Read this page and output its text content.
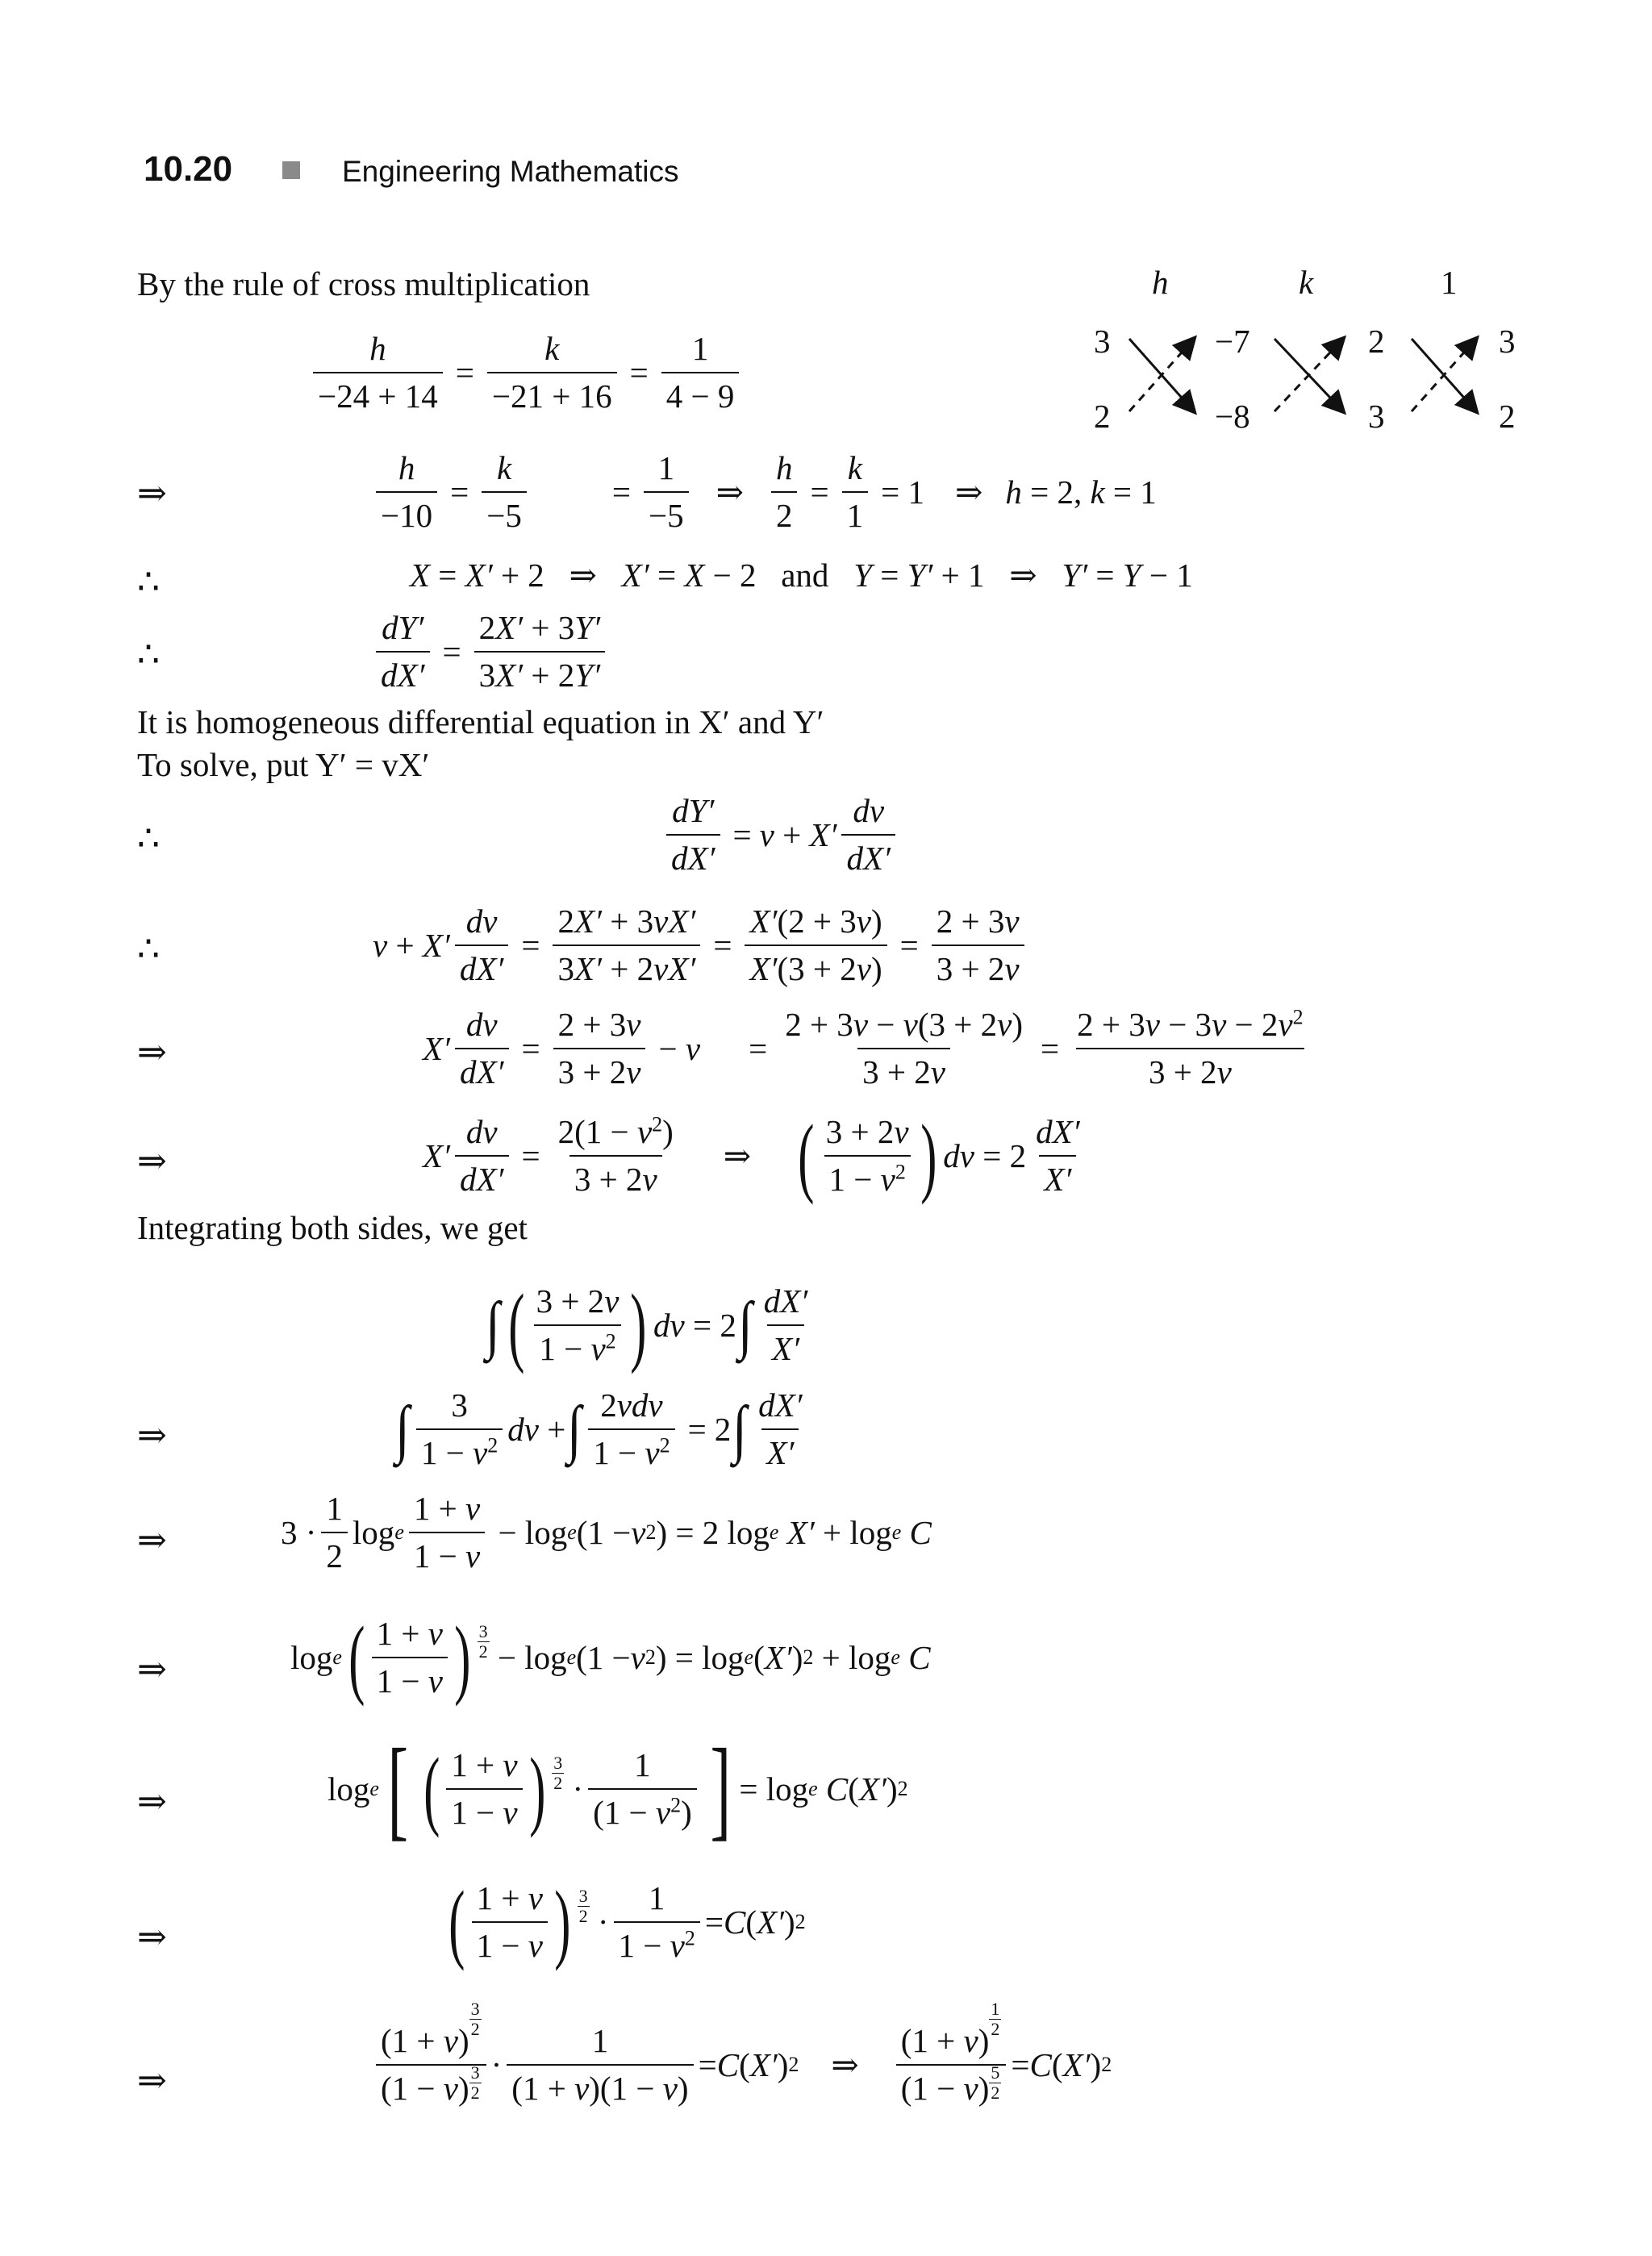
10.20	Engineering Mathematics
By the rule of cross multiplication	h	k	1
3	−7	2	3
2	−8	3	2
$\frac{h}{-24 + 14} = \frac{k}{-21 + 16} = \frac{1}{4 - 9}$
⇒	$\frac{h}{-10} = \frac{k}{-5}$	= $\frac{1}{-5}$ ⇒ $\frac{h}{2} = \frac{k}{1} = 1$ ⇒ h = 2, k = 1
∴	X = X′ + 2   ⇒   X′ = X − 2   and Y = Y′ + 1   ⇒   Y′ = Y − 1
∴	$\frac{dY'}{dX'} = \frac{2X' + 3Y'}{3X' + 2Y'}$
It is homogeneous differential equation in X′ and Y′
To solve, put Y′ = vX′
∴	$\frac{dY'}{dX'} = v + X' \frac{dv}{dX'}$
∴	$v + X' \frac{dv}{dX'} = \frac{2X' + 3vX'}{3X' + 2vX'} = \frac{X'(2 + 3v)}{X'(3 + 2v)} = \frac{2 + 3v}{3 + 2v}$
⇒	$X' \frac{dv}{dX'} = \frac{2 + 3v}{3 + 2v} - v = \frac{2 + 3v - v(3 + 2v)}{3 + 2v} = \frac{2 + 3v - 3v - 2v^2}{3 + 2v}$
⇒	$X' \frac{dv}{dX'} = \frac{2(1 - v^2)}{3 + 2v}$ ⇒ ( $\frac{3 + 2v}{1 - v^2}$ ) dv = $2 \frac{dX'}{X'}$
Integrating both sides, we get
∫ ( $\frac{3 + 2v}{1 - v^2}$ ) dv = 2 ∫ $\frac{dX'}{X'}$
⇒	∫ $\frac{3}{1 - v^2}$ dv + ∫ $\frac{\text{2vdv}}{1 - v^2} = 2$ ∫ $\frac{dX'}{X'}$
⇒	$3 \cdot \frac{1}{2}$ log e $\frac{1 + v}{1 - v} - \log e$ (1 − v 2 ) = 2 log e
X′ + log e
C
⇒	log e ( $\frac{1 + v}{1 - v}$ ) $\frac{3}{2} - \log e$ (1 − v 2 ) = log e ( X′ ) 2 + log e
C
⇒	log e [ ( $\frac{1 + v}{1 - v}$ ) $\frac{3}{2} \cdot \frac{1}{(1 - v^2)}$ ] = log e
C ( X′ ) 2
⇒	( $\frac{1 + v}{1 - v}$ ) $\frac{3}{2} \cdot \frac{1}{1 - v^2} = C$ ( X′ ) 2
⇒	(1 + v)
$\frac{3}{2}$
$(1 - v) \frac{3}{2} \cdot \frac{1}{(1 + v)(1 - v)} = C$ ( X′ ) 2 ⇒ (1 + v)
$\frac{1}{2}$
$(1 - v) \frac{5}{2} = C$ ( X′ ) 2
